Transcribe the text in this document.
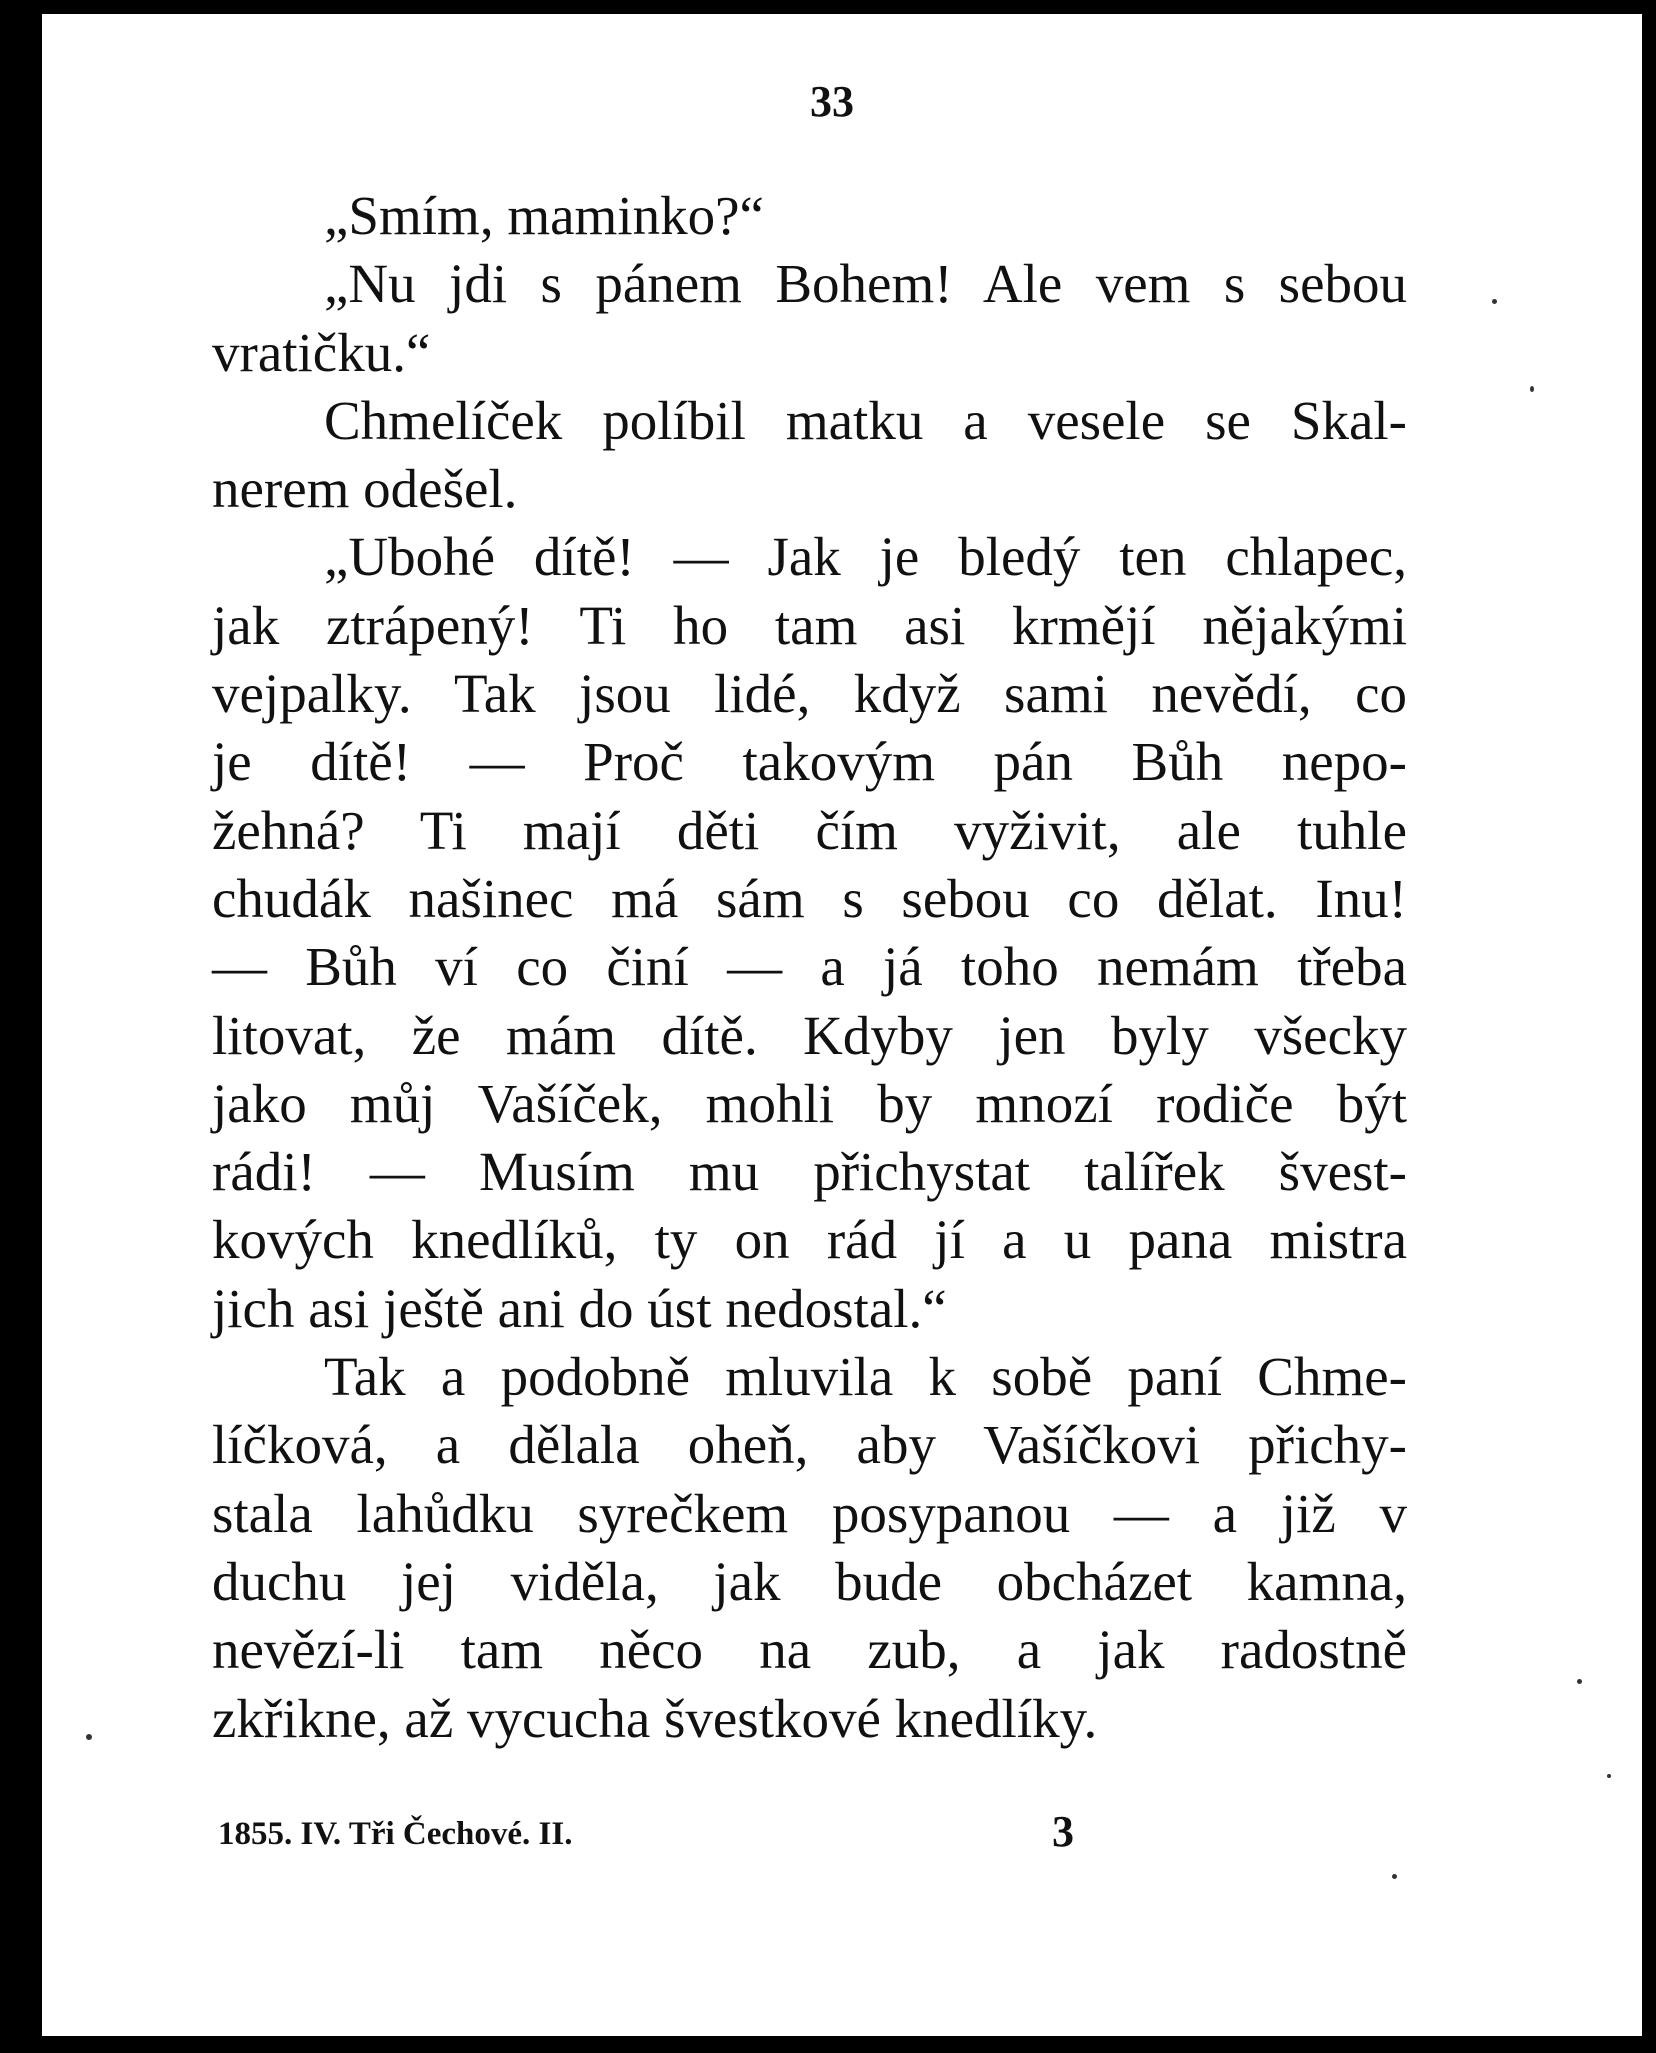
33
„Smím, maminko?“
„Nu jdi s pánem Bohem! Ale vem s sebou
vratičku.“
Chmelíček políbil matku a vesele se Skal-
nerem odešel.
„Ubohé dítě! — Jak je bledý ten chlapec,
jak ztrápený! Ti ho tam asi krmějí nějakými
vejpalky. Tak jsou lidé, když sami nevědí, co
je dítě! — Proč takovým pán Bůh nepo-
žehná? Ti mají děti čím vyživit, ale tuhle
chudák našinec má sám s sebou co dělat. Inu!
— Bůh ví co činí — a já toho nemám třeba
litovat, že mám dítě. Kdyby jen byly všecky
jako můj Vašíček, mohli by mnozí rodiče být
rádi! — Musím mu přichystat talířek švest-
kových knedlíků, ty on rád jí a u pana mistra
jich asi ještě ani do úst nedostal.“
Tak a podobně mluvila k sobě paní Chme-
líčková, a dělala oheň, aby Vašíčkovi přichy-
stala lahůdku syrečkem posypanou — a již v
duchu jej viděla, jak bude obcházet kamna,
nevězí-li tam něco na zub, a jak radostně
zkřikne, až vycucha švestkové knedlíky.
1855. IV. Tři Čechové. II.	3
